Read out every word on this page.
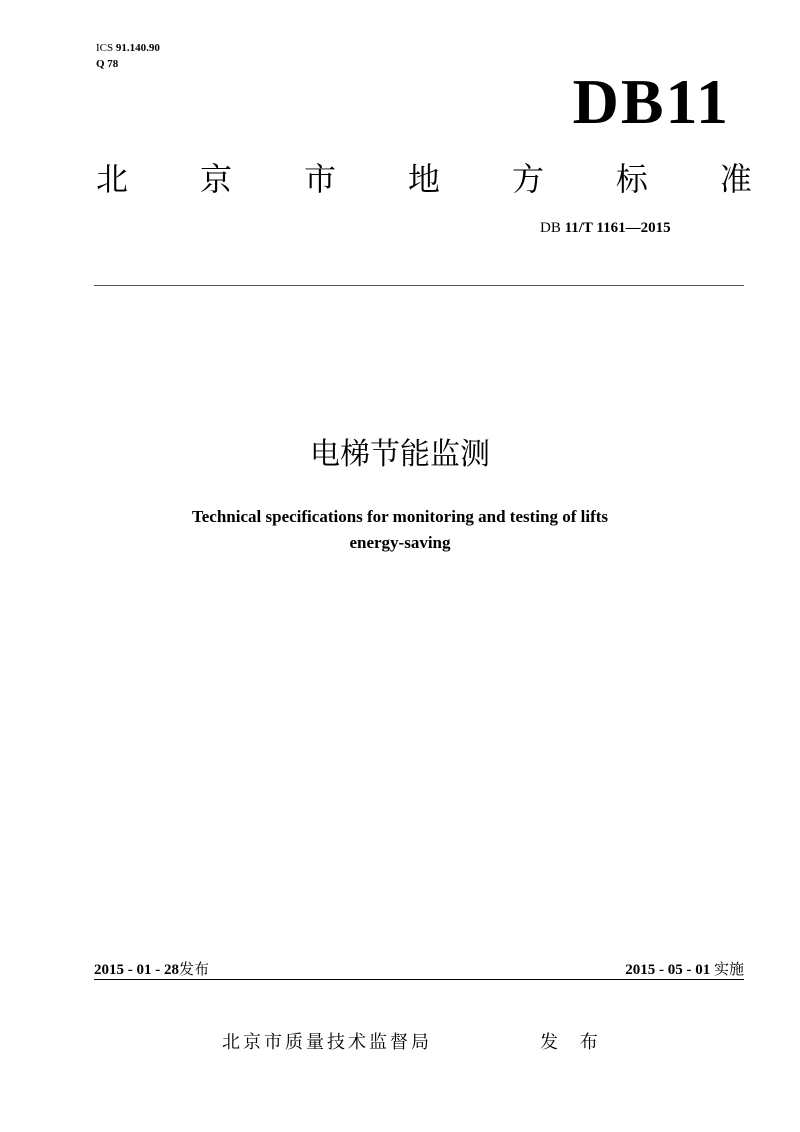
ICS 91.140.90
Q 78
DB11
北 京 市 地 方 标 准
DB 11/T 1161—2015
电梯节能监测
Technical specifications for monitoring and testing of lifts
energy-saving
2015 - 01 - 28发布	2015 - 05 - 01 实施
北京市质量技术监督局	发 布
